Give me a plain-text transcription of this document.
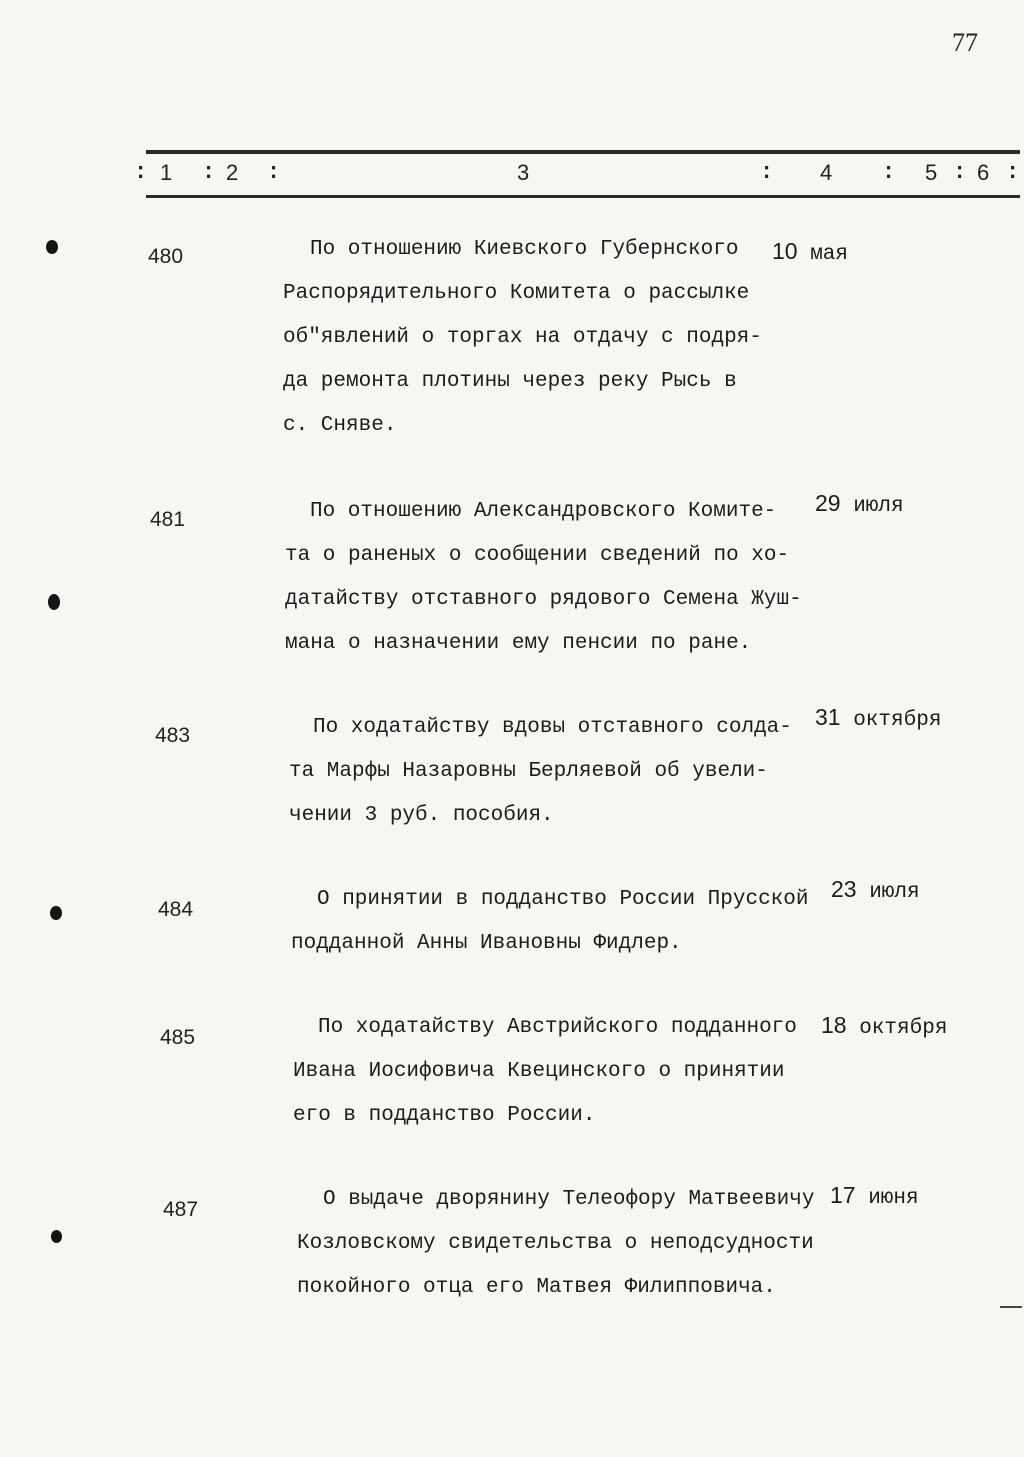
77
: 1 : 2 :	3	: 4 : 5 : 6 :
480	По отношению Киевского Губернского
Распорядительного Комитета о рассылке
об"явлений о торгах на отдачу с подря-
да ремонта плотины через реку Рысь в
с. Сняве.
10 мая
481	По отношению Александровского Комите-
та о раненых о сообщении сведений по хо-
датайству отставного рядового Семена Жуш-
мана о назначении ему пенсии по ране.
29 июля
483	По ходатайству вдовы отставного солда-
та Марфы Назаровны Берляевой об увели-
чении 3 руб. пособия.
31 октября
484	О принятии в подданство России Прусской
подданной Анны Ивановны Фидлер.
23 июля
485	По ходатайству Австрийского подданного
Ивана Иосифовича Квецинского о принятии
его в подданство России.
18 октября
487	О выдаче дворянину Телеофору Матвеевичу
Козловскому свидетельства о неподсудности
покойного отца его Матвея Филипповича.
17 июня
